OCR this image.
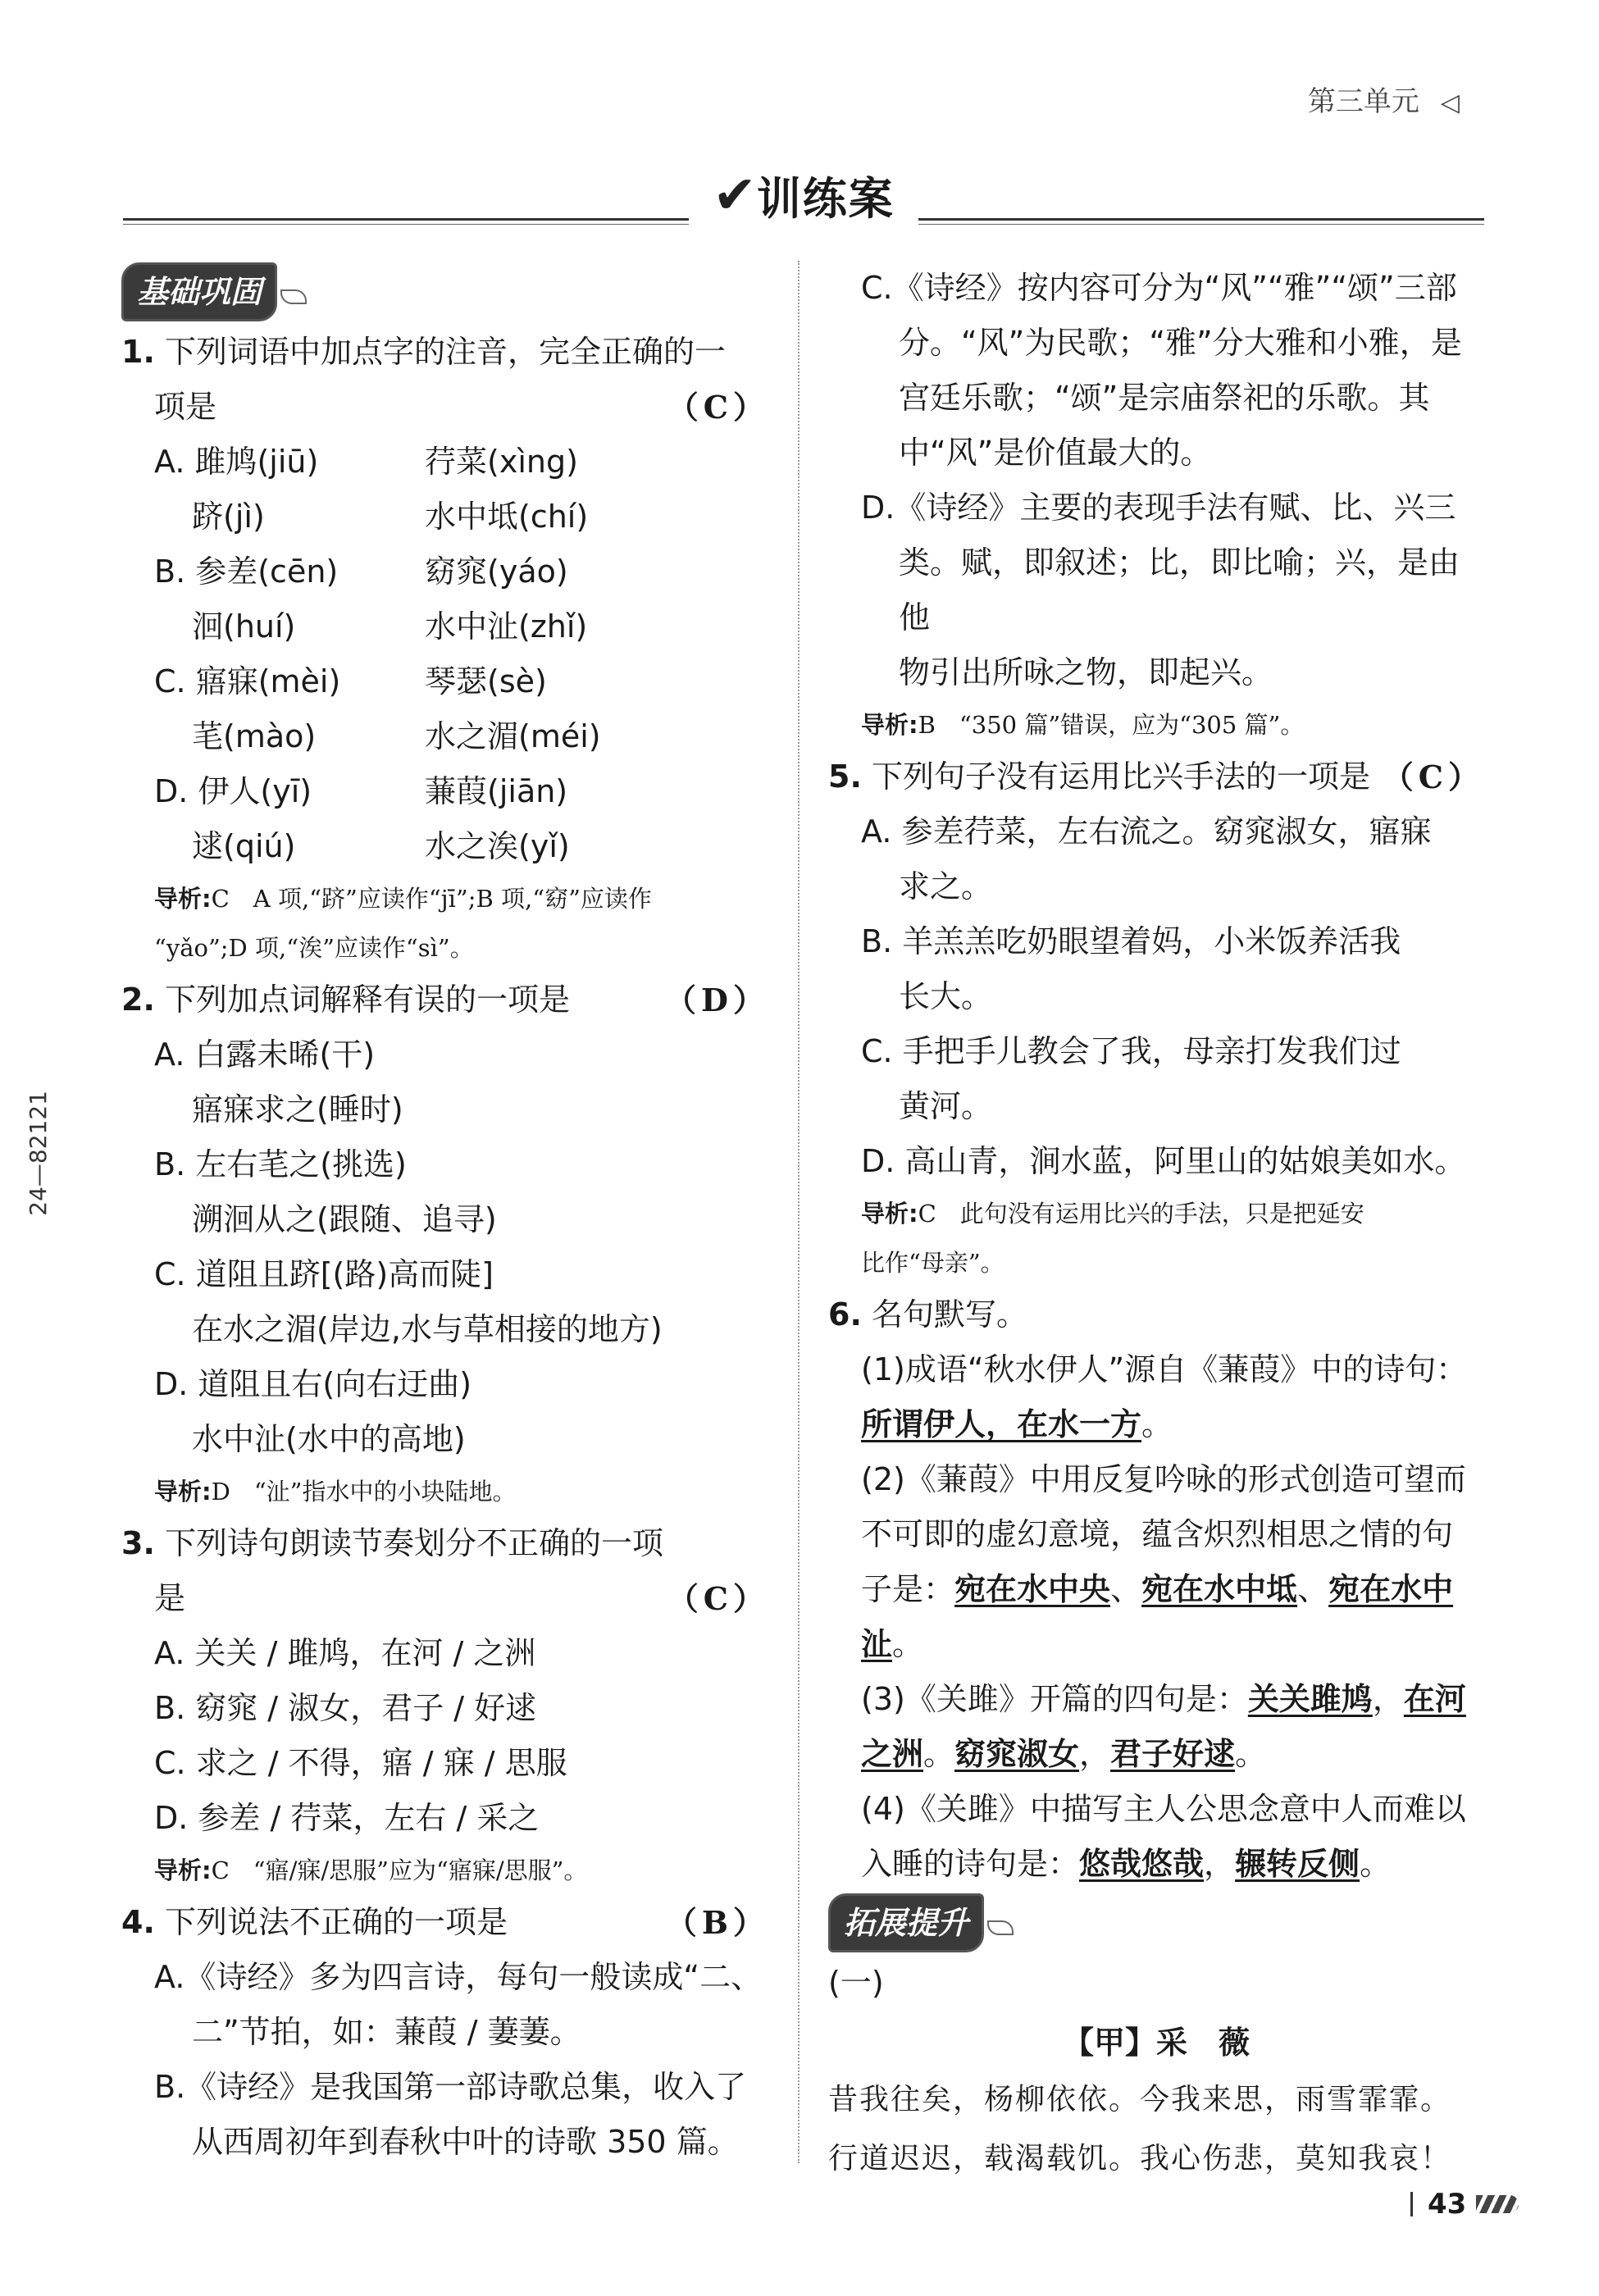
第三单元 ◁
✔训练案
24—82121
基础巩固
1. 下列词语中加点字的注音，完全正确的一
项是	（C）
A. 雎鸠(jiū)	荇菜(xìng)
跻(jì)	水中坻(chí)
B. 参差(cēn)	窈窕(yáo)
洄(huí)	水中沚(zhǐ)
C. 寤寐(mèi)	琴瑟(sè)
芼(mào)	水之湄(méi)
D. 伊人(yī)	蒹葭(jiān)
逑(qiú)	水之涘(yǐ)
导析:C　A 项,“跻”应读作“jī”;B 项,“窈”应读作
“yǎo”;D 项,“涘”应读作“sì”。
2. 下列加点词解释有误的一项是	（D）
A. 白露未晞(干)
寤寐求之(睡时)
B. 左右芼之(挑选)
溯洄从之(跟随、追寻)
C. 道阻且跻[(路)高而陡]
在水之湄(岸边,水与草相接的地方)
D. 道阻且右(向右迂曲)
水中沚(水中的高地)
导析:D　“沚”指水中的小块陆地。
3. 下列诗句朗读节奏划分不正确的一项
是	（C）
A. 关关 / 雎鸠，在河 / 之洲
B. 窈窕 / 淑女，君子 / 好逑
C. 求之 / 不得，寤 / 寐 / 思服
D. 参差 / 荇菜，左右 / 采之
导析:C　“寤/寐/思服”应为“寤寐/思服”。
4. 下列说法不正确的一项是	（B）
A.《诗经》多为四言诗，每句一般读成“二、
二”节拍，如：蒹葭 / 萋萋。
B.《诗经》是我国第一部诗歌总集，收入了
从西周初年到春秋中叶的诗歌 350 篇。
C.《诗经》按内容可分为“风”“雅”“颂”三部
分。“风”为民歌；“雅”分大雅和小雅，是
宫廷乐歌；“颂”是宗庙祭祀的乐歌。其
中“风”是价值最大的。
D.《诗经》主要的表现手法有赋、比、兴三
类。赋，即叙述；比，即比喻；兴，是由他
物引出所咏之物，即起兴。
导析:B　“350 篇”错误，应为“305 篇”。
5. 下列句子没有运用比兴手法的一项是 （C）
A. 参差荇菜，左右流之。窈窕淑女，寤寐
求之。
B. 羊羔羔吃奶眼望着妈，小米饭养活我
长大。
C. 手把手儿教会了我，母亲打发我们过
黄河。
D. 高山青，涧水蓝，阿里山的姑娘美如水。
导析:C　此句没有运用比兴的手法，只是把延安
比作“母亲”。
6. 名句默写。
(1)成语“秋水伊人”源自《蒹葭》中的诗句：
所谓伊人，在水一方。
(2)《蒹葭》中用反复吟咏的形式创造可望而
不可即的虚幻意境，蕴含炽烈相思之情的句
子是：宛在水中央、宛在水中坻、宛在水中沚。
(3)《关雎》开篇的四句是：关关雎鸠，在河
之洲。窈窕淑女，君子好逑。
(4)《关雎》中描写主人公思念意中人而难以
入睡的诗句是：悠哉悠哉，辗转反侧。
拓展提升
(一)
【甲】采　薇
昔我往矣，杨柳依依。今我来思，雨雪霏霏。
行道迟迟，载渴载饥。我心伤悲，莫知我哀！
43
